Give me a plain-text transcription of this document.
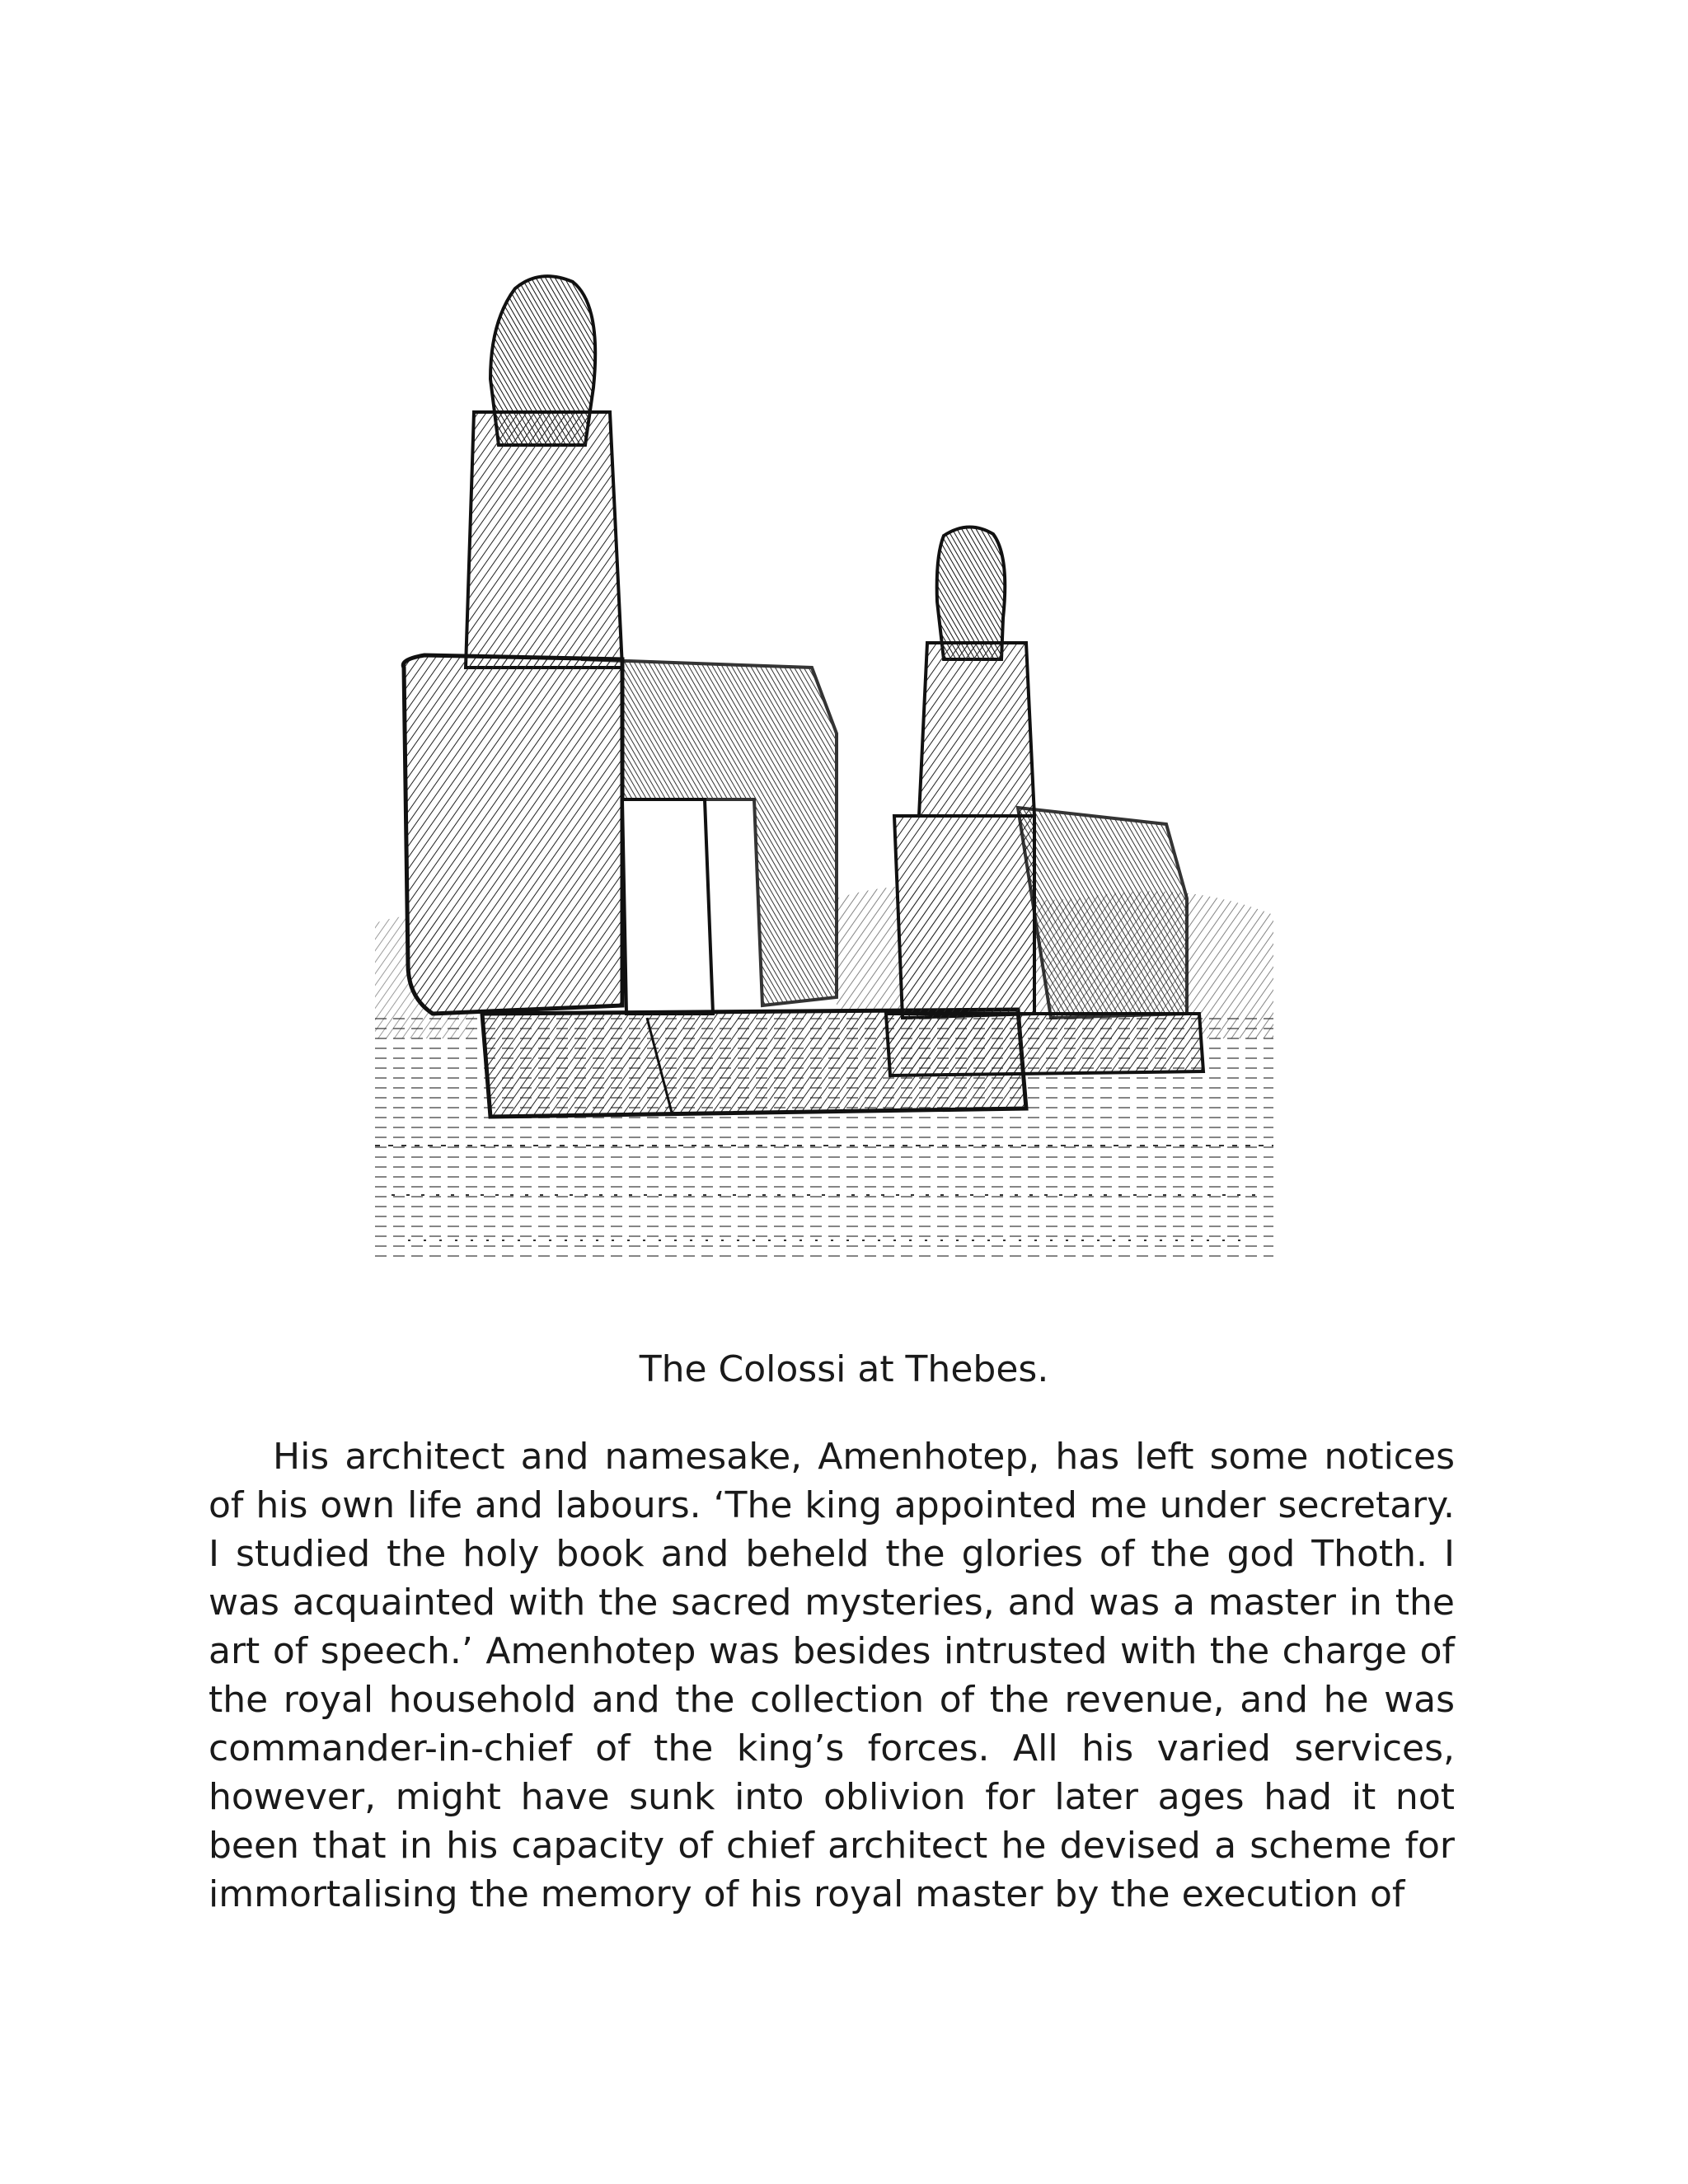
The Colossi at Thebes.

His architect and namesake, Amenhotep, has left some notices of his own life and labours. ‘The king appointed me under secretary. I studied the holy book and beheld the glories of the god Thoth. I was acquainted with the sacred mysteries, and was a master in the art of speech.’ Amenhotep was besides intrusted with the charge of the royal household and the collection of the revenue, and he was commander-in-chief of the king’s forces. All his varied services, however, might have sunk into oblivion for later ages had it not been that in his capacity of chief architect he devised a scheme for immortalising the memory of his royal master by the execution of
